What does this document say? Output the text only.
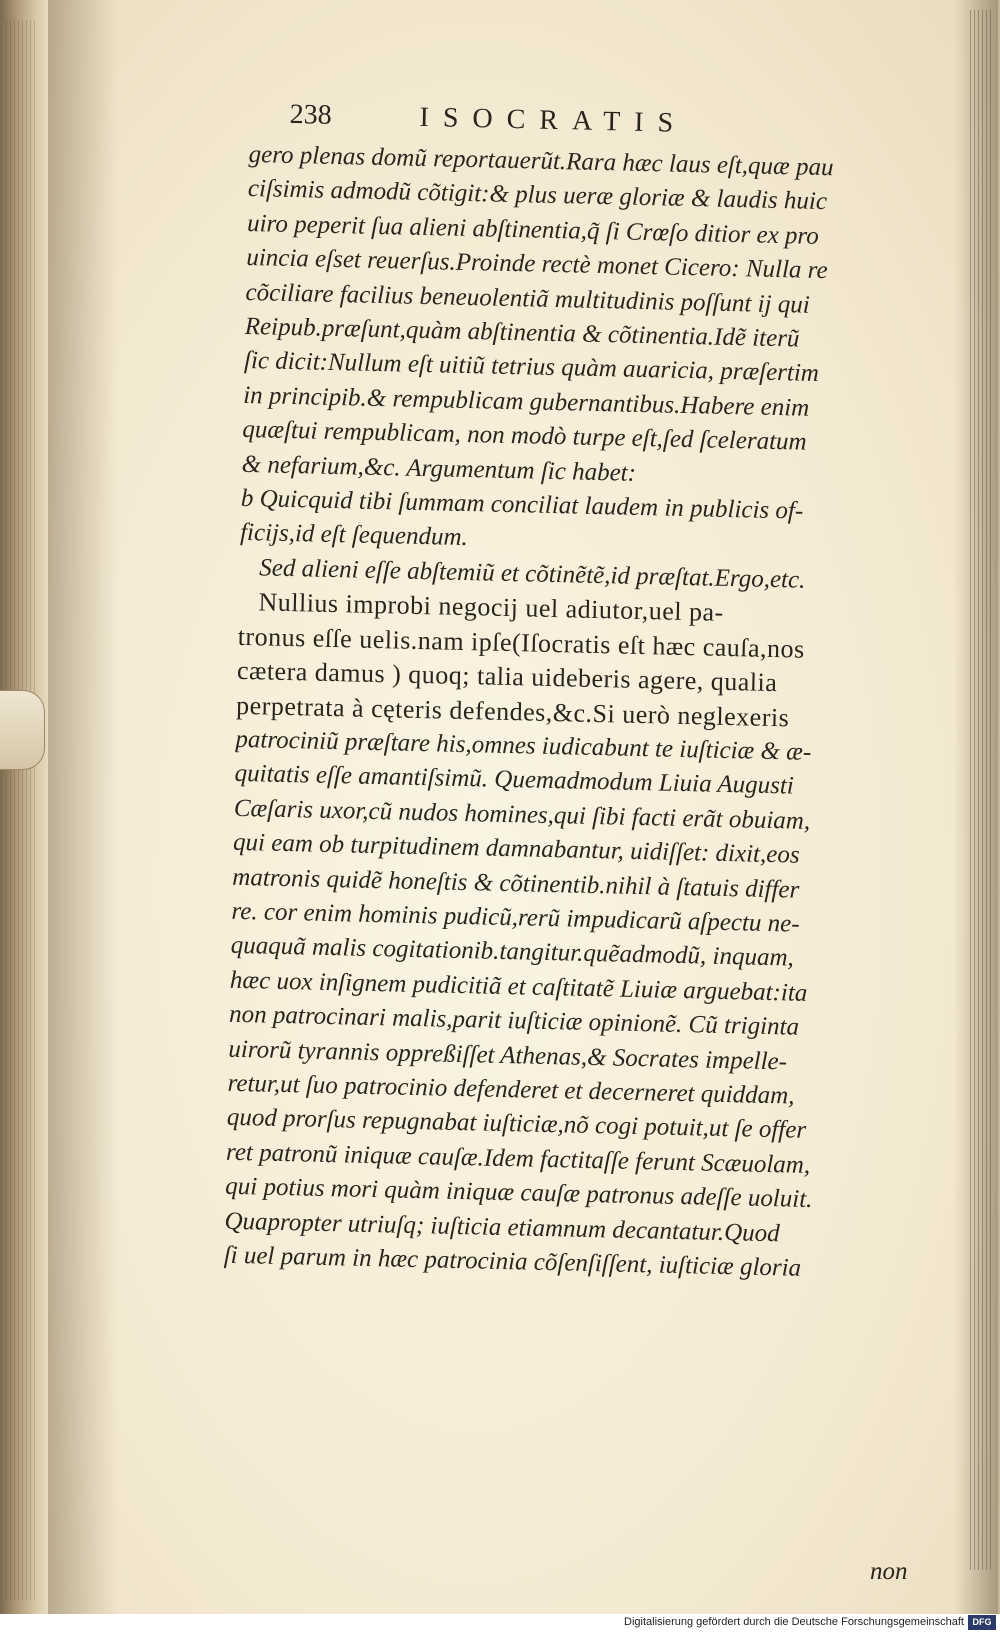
238	ISOCRATIS
gero plenas domũ reportauerũt.Rara hæc laus eſt,quæ pau
ciſsimis admodũ cõtigit:& plus ueræ gloriæ & laudis huic
uiro peperit ſua alieni abſtinentia,q̃ ſi Crœſo ditior ex pro
uincia eſset reuerſus.Proinde rectè monet Cicero: Nulla re
cõciliare facilius beneuolentiã multitudinis poſſunt ij qui
Reipub.præſunt,quàm abſtinentia & cõtinentia.Idẽ iterũ
ſic dicit:Nullum eſt uitiũ tetrius quàm auaricia, præſertim
in principib.& rempublicam gubernantibus.Habere enim
quæſtui rempublicam, non modò turpe eſt,ſed ſceleratum
& nefarium,&c. Argumentum ſic habet:
b Quicquid tibi ſummam conciliat laudem in publicis of-
ficijs,id eſt ſequendum.
Sed alieni eſſe abſtemiũ et cõtinẽtẽ,id præſtat.Ergo,etc.
Nullius improbi negocij uel adiutor,uel pa-
tronus eſſe uelis.nam ipſe(Iſocratis eſt hæc cauſa,nos
cætera damus ) quoq; talia uideberis agere, qualia
perpetrata à cęteris defendes,&c.Si uerò neglexeris
patrociniũ præſtare his,omnes iudicabunt te iuſticiæ & æ-
quitatis eſſe amantiſsimũ. Quemadmodum Liuia Augusti
Cæſaris uxor,cũ nudos homines,qui ſibi facti erãt obuiam,
qui eam ob turpitudinem damnabantur, uidiſſet: dixit,eos
matronis quidẽ honeſtis & cõtinentib.nihil à ſtatuis differ
re. cor enim hominis pudicũ,rerũ impudicarũ aſpectu ne-
quaquã malis cogitationib.tangitur.quẽadmodũ, inquam,
hæc uox inſignem pudicitiã et caſtitatẽ Liuiæ arguebat:ita
non patrocinari malis,parit iuſticiæ opinionẽ. Cũ triginta
uirorũ tyrannis oppreßiſſet Athenas,& Socrates impelle-
retur,ut ſuo patrocinio defenderet et decerneret quiddam,
quod prorſus repugnabat iuſticiæ,nõ cogi potuit,ut ſe offer
ret patronũ iniquæ cauſæ.Idem factitaſſe ferunt Scæuolam,
qui potius mori quàm iniquæ cauſæ patronus adeſſe uoluit.
Quapropter utriuſq; iuſticia etiamnum decantatur.Quod
ſi uel parum in hæc patrocinia cõſenſiſſent, iuſticiæ gloria
non
Digitalisierung gefördert durch die Deutsche Forschungsgemeinschaft DFG
